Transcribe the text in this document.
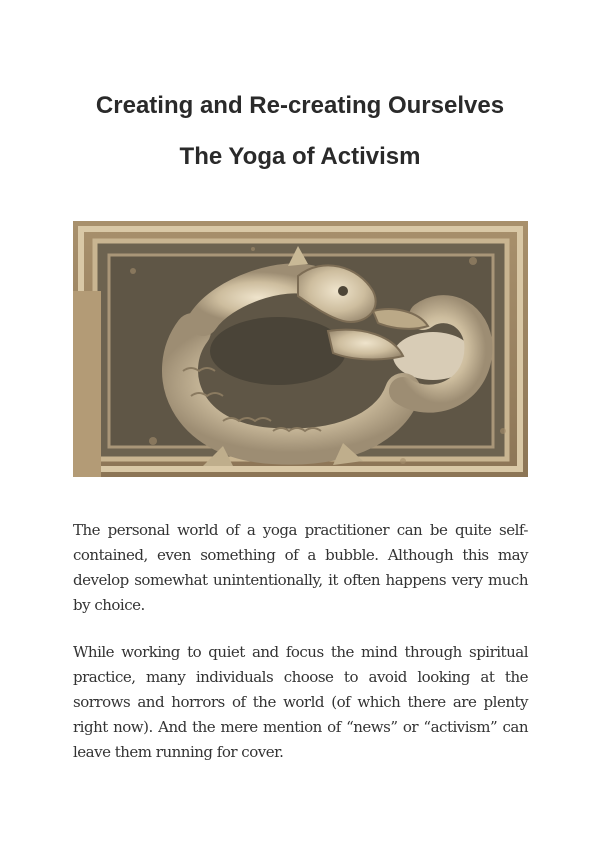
Creating and Re-creating Ourselves
The Yoga of Activism

The personal world of a yoga practitioner can be quite self-contained, even something of a bubble. Although this may develop somewhat unintentionally, it often happens very much by choice.

While working to quiet and focus the mind through spiritual practice, many individuals choose to avoid looking at the sorrows and horrors of the world (of which there are plenty right now). And the mere mention of “news” or “activism” can leave them running for cover.
